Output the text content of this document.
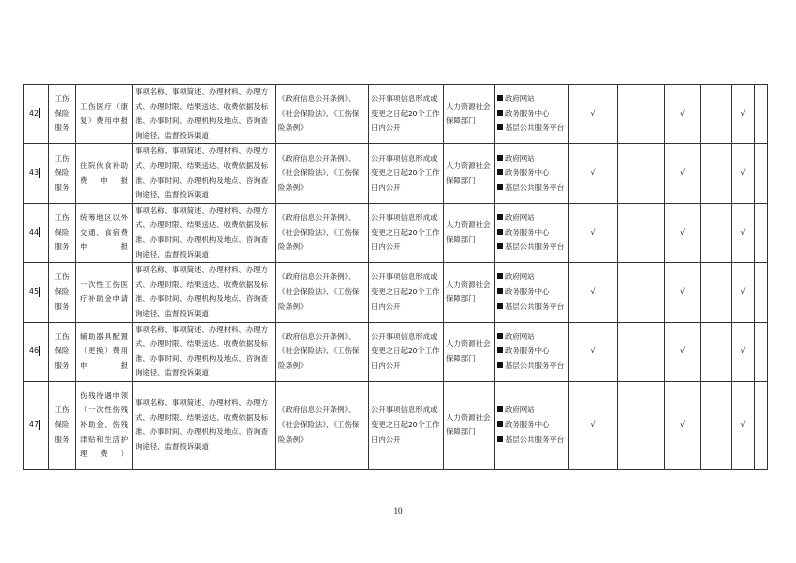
42	工伤保险服务	工伤医疗（康复）费用申报	事项名称、事项简述、办理材料、办理方式、办理时限、结果送达、收费依据及标准、办事时间、办理机构及地点、咨询查询途径、监督投诉渠道	《政府信息公开条例》、《社会保险法》、《工伤保险条例》	公开事项信息形成或变更之日起20个工作日内公开	人力资源社会保障部门	政府网站
政务服务中心
基层公共服务平台	√		√		√		
43	工伤保险服务	住院伙食补助费申报	事项名称、事项简述、办理材料、办理方式、办理时限、结果送达、收费依据及标准、办事时间、办理机构及地点、咨询查询途径、监督投诉渠道	《政府信息公开条例》、《社会保险法》、《工伤保险条例》	公开事项信息形成或变更之日起20个工作日内公开	人力资源社会保障部门	政府网站
政务服务中心
基层公共服务平台	√		√		√		
44	工伤保险服务	统筹地区以外交通、食宿费申报	事项名称、事项简述、办理材料、办理方式、办理时限、结果送达、收费依据及标准、办事时间、办理机构及地点、咨询查询途径、监督投诉渠道	《政府信息公开条例》、《社会保险法》、《工伤保险条例》	公开事项信息形成或变更之日起20个工作日内公开	人力资源社会保障部门	政府网站
政务服务中心
基层公共服务平台	√		√		√		
45	工伤保险服务	一次性工伤医疗补助金申请	事项名称、事项简述、办理材料、办理方式、办理时限、结果送达、收费依据及标准、办事时间、办理机构及地点、咨询查询途径、监督投诉渠道	《政府信息公开条例》、《社会保险法》、《工伤保险条例》	公开事项信息形成或变更之日起20个工作日内公开	人力资源社会保障部门	政府网站
政务服务中心
基层公共服务平台	√		√		√		
46	工伤保险服务	辅助器具配置（更换）费用申报	事项名称、事项简述、办理材料、办理方式、办理时限、结果送达、收费依据及标准、办事时间、办理机构及地点、咨询查询途径、监督投诉渠道	《政府信息公开条例》、《社会保险法》、《工伤保险条例》	公开事项信息形成或变更之日起20个工作日内公开	人力资源社会保障部门	政府网站
政务服务中心
基层公共服务平台	√		√		√		
47	工伤保险服务	伤残待遇申领（一次性伤残补助金、伤残津贴和生活护理费）	事项名称、事项简述、办理材料、办理方式、办理时限、结果送达、收费依据及标准、办事时间、办理机构及地点、咨询查询途径、监督投诉渠道	《政府信息公开条例》、《社会保险法》、《工伤保险条例》	公开事项信息形成或变更之日起20个工作日内公开	人力资源社会保障部门	政府网站
政务服务中心
基层公共服务平台	√		√		√		
10
